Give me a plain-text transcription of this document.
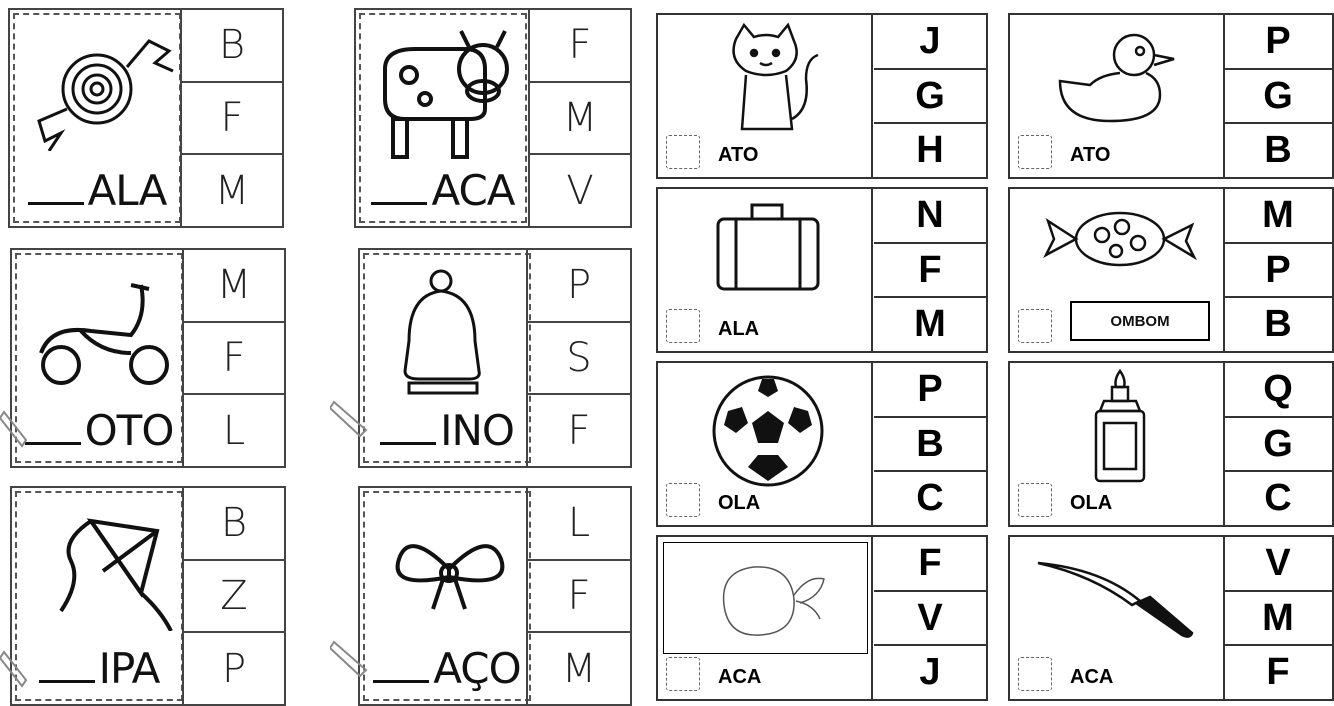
ALA
B
F
M	ACA
F
M
V
OTO
M
F
L	INO
P
S
F
IPA
B
Z
P	AÇO
L
F
M
ATO
J
G
H	ATO
P
G
B
ALA
N
F
M	OMBOM
M
P
B
OLA
P
B
C	OLA
Q
G
C
ACA
F
V
J	ACA
V
M
F
